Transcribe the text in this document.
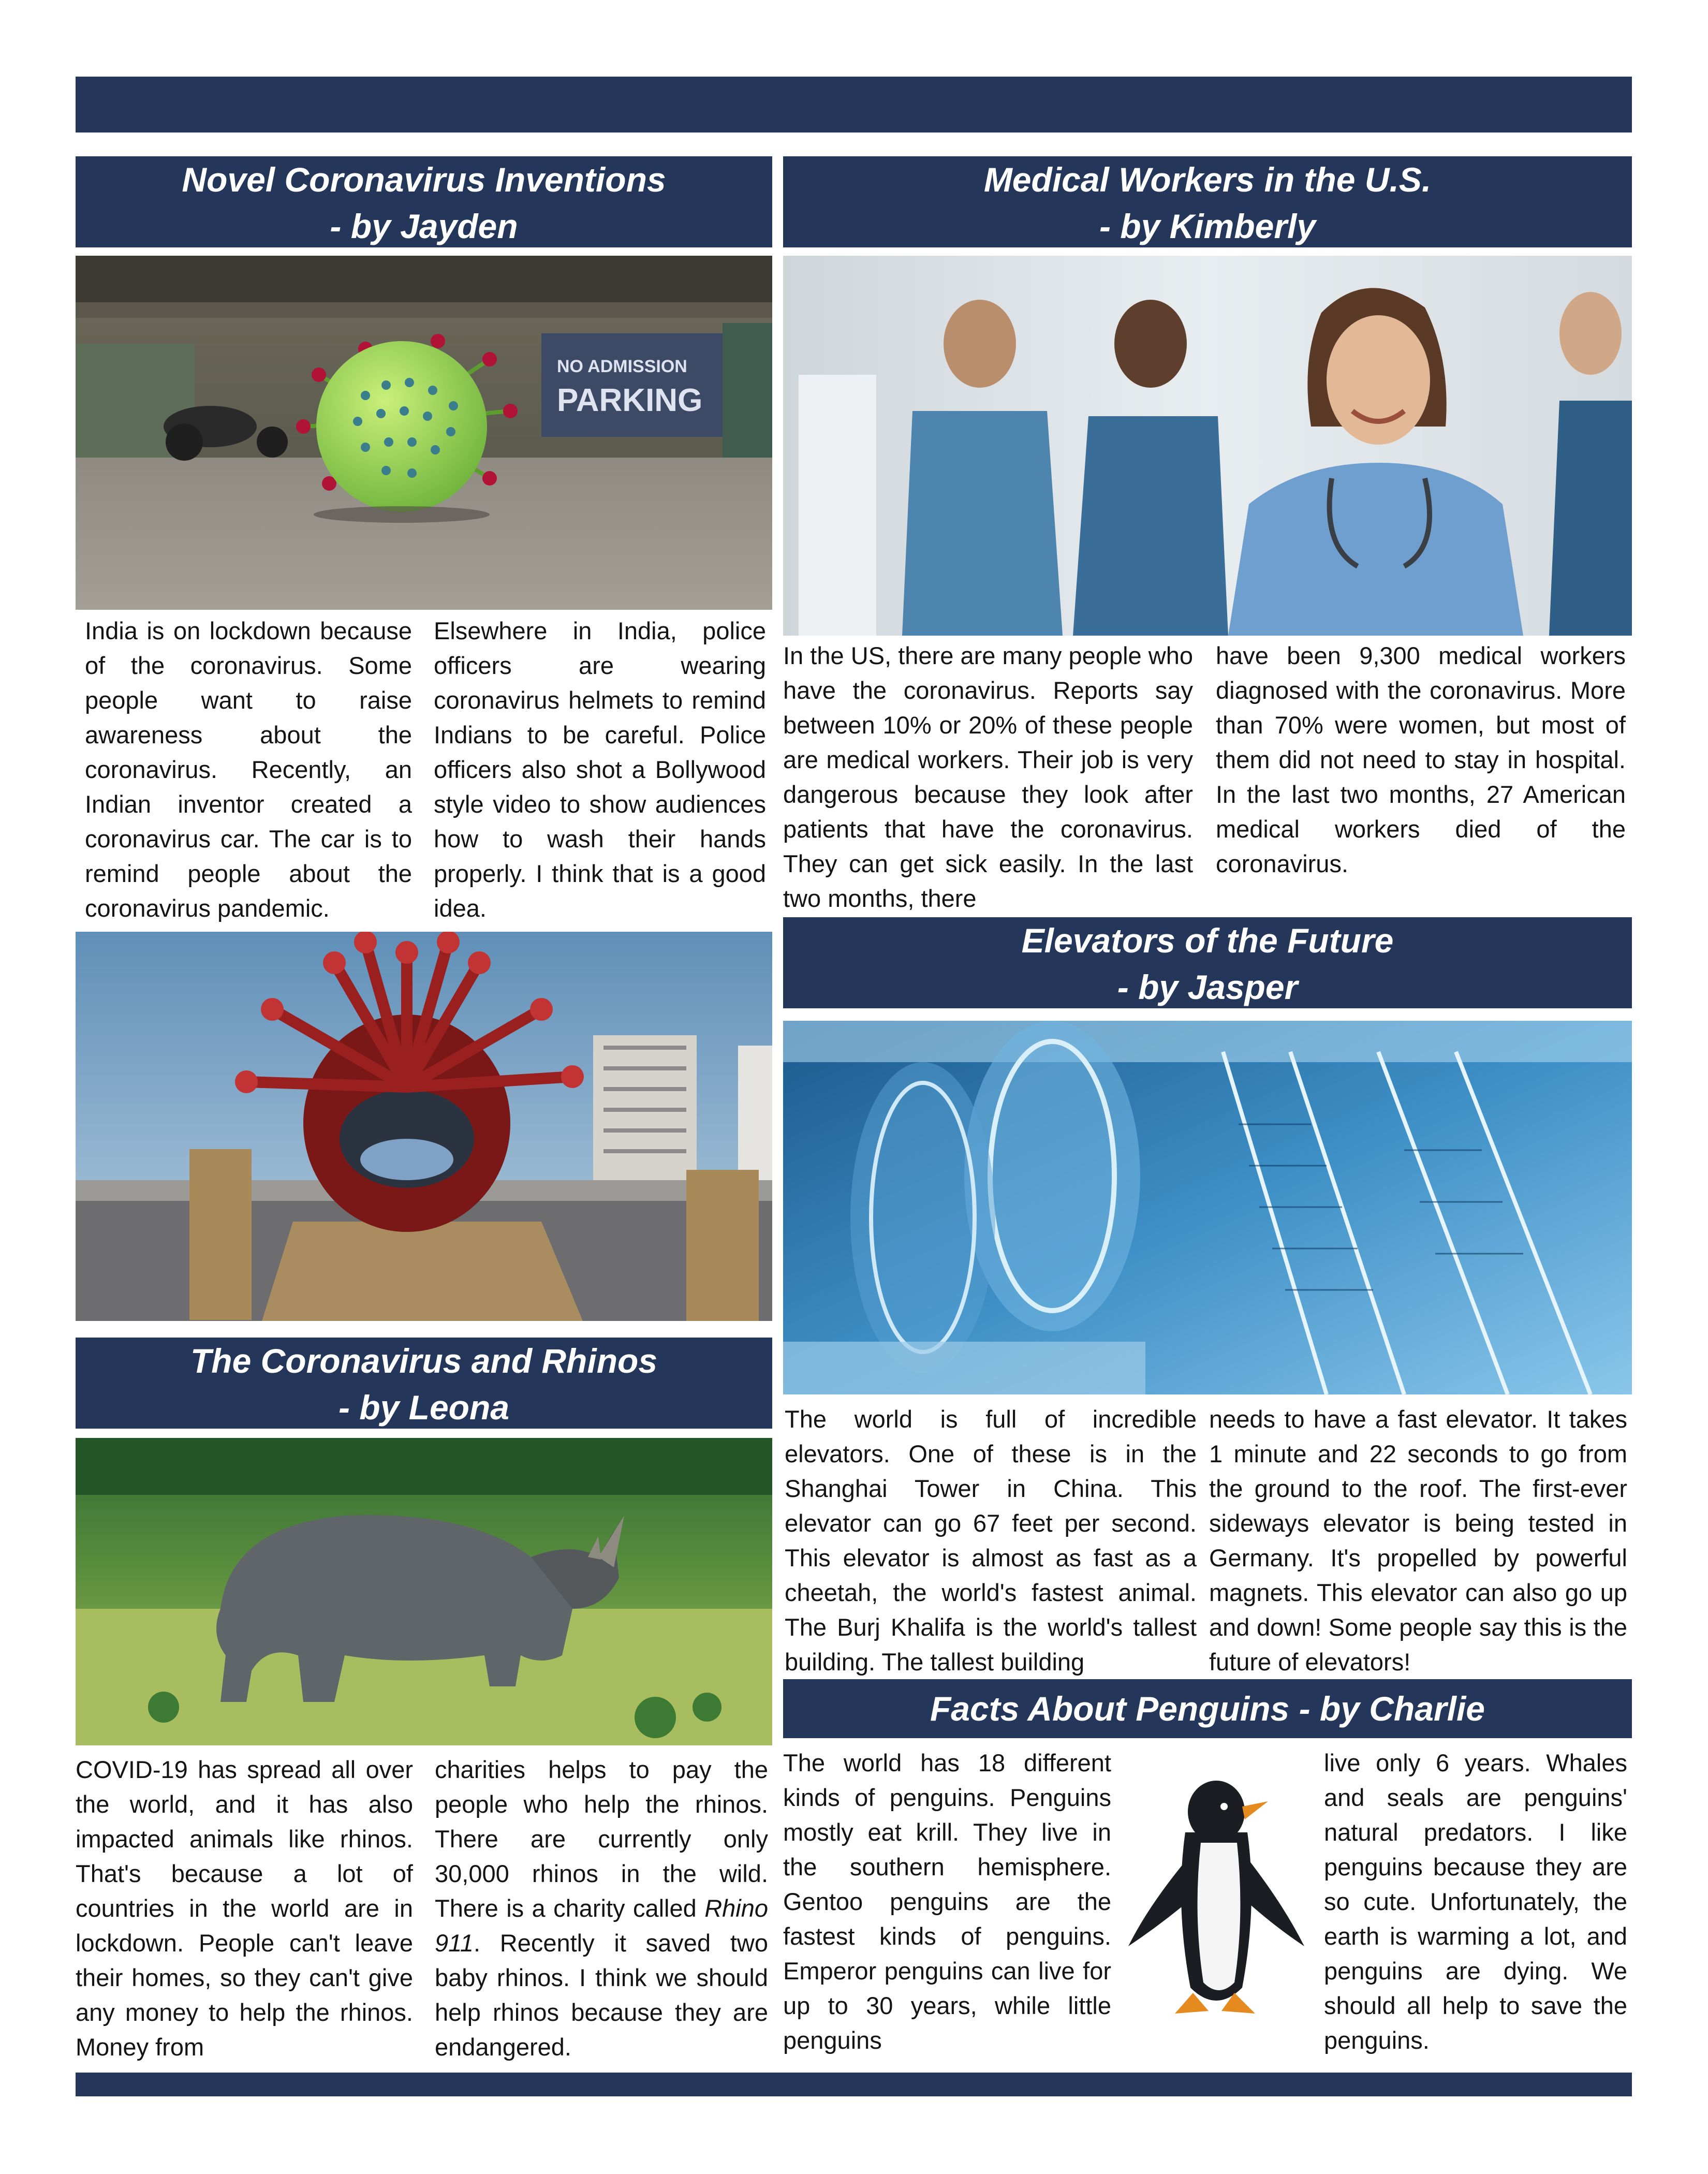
Novel Coronavirus Inventions
- by Jayden
NO ADMISSION
PARKING

India is on lockdown because of the coronavirus. Some people want to raise awareness about the coronavirus. Recently, an Indian inventor created a coronavirus car. The car is to remind people about the coronavirus pandemic.

Elsewhere in India, police officers are wearing coronavirus helmets to remind Indians to be careful. Police officers also shot a Bollywood style video to show audiences how to wash their hands properly. I think that is a good idea.

Medical Workers in the U.S.
- by Kimberly

In the US, there are many people who have the coronavirus. Reports say between 10% or 20% of these people are medical workers. Their job is very dangerous because they look after patients that have the coronavirus. They can get sick easily. In the last two months, there

have been 9,300 medical workers diagnosed with the coronavirus. More than 70% were women, but most of them did not need to stay in hospital. In the last two months, 27 American medical workers died of the coronavirus.

Elevators of the Future
- by Jasper

The world is full of incredible elevators. One of these is in the Shanghai Tower in China. This elevator can go 67 feet per second. This elevator is almost as fast as a cheetah, the world's fastest animal. The Burj Khalifa is the world's tallest building. The tallest building

needs to have a fast elevator. It takes 1 minute and 22 seconds to go from the ground to the roof. The first-ever sideways elevator is being tested in Germany. It's propelled by powerful magnets. This elevator can also go up and down! Some people say this is the future of elevators!

The Coronavirus and Rhinos
- by Leona

COVID-19 has spread all over the world, and it has also impacted animals like rhinos. That's because a lot of countries in the world are in lockdown. People can't leave their homes, so they can't give any money to help the rhinos. Money from

charities helps to pay the people who help the rhinos. There are currently only 30,000 rhinos in the wild. There is a charity called Rhino 911. Recently it saved two baby rhinos. I think we should help rhinos because they are endangered.

Facts About Penguins - by Charlie

The world has 18 different kinds of penguins. Penguins mostly eat krill. They live in the southern hemisphere. Gentoo penguins are the fastest kinds of penguins. Emperor penguins can live for up to 30 years, while little penguins

live only 6 years. Whales and seals are penguins' natural predators. I like penguins because they are so cute. Unfortunately, the earth is warming a lot, and penguins are dying. We should all help to save the penguins.
